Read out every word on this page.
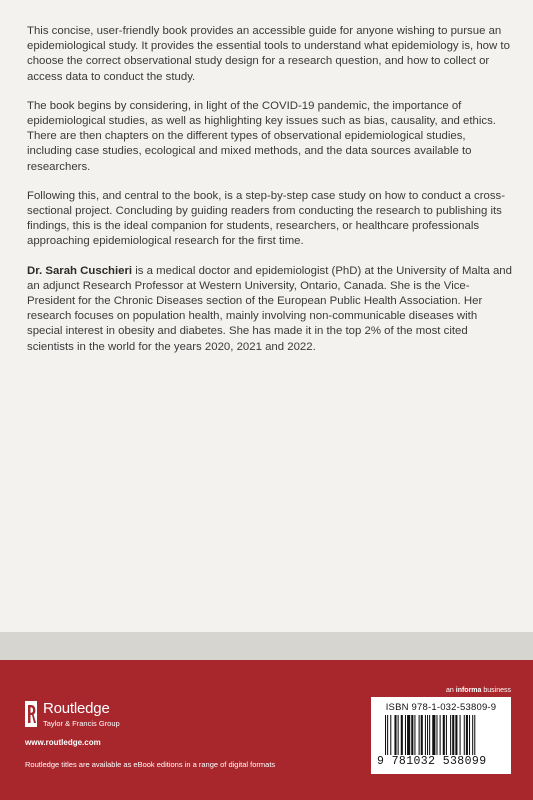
This concise, user-friendly book provides an accessible guide for anyone wishing to pursue an epidemiological study. It provides the essential tools to understand what epidemiology is, how to choose the correct observational study design for a research question, and how to collect or access data to conduct the study.

The book begins by considering, in light of the COVID-19 pandemic, the importance of epidemiological studies, as well as highlighting key issues such as bias, causality, and ethics. There are then chapters on the different types of observational epidemiological studies, including case studies, ecological and mixed methods, and the data sources available to researchers.

Following this, and central to the book, is a step-by-step case study on how to conduct a cross-sectional project. Concluding by guiding readers from conducting the research to publishing its findings, this is the ideal companion for students, researchers, or healthcare professionals approaching epidemiological research for the first time.

Dr. Sarah Cuschieri is a medical doctor and epidemiologist (PhD) at the University of Malta and an adjunct Research Professor at Western University, Ontario, Canada. She is the Vice-President for the Chronic Diseases section of the European Public Health Association. Her research focuses on population health, mainly involving non-communicable diseases with special interest in obesity and diabetes. She has made it in the top 2% of the most cited scientists in the world for the years 2020, 2021 and 2022.

Routledge
Taylor & Francis Group
www.routledge.com
Routledge titles are available as eBook editions in a range of digital formats
an informa business
ISBN 978-1-032-53809-9
9 781032 538099
